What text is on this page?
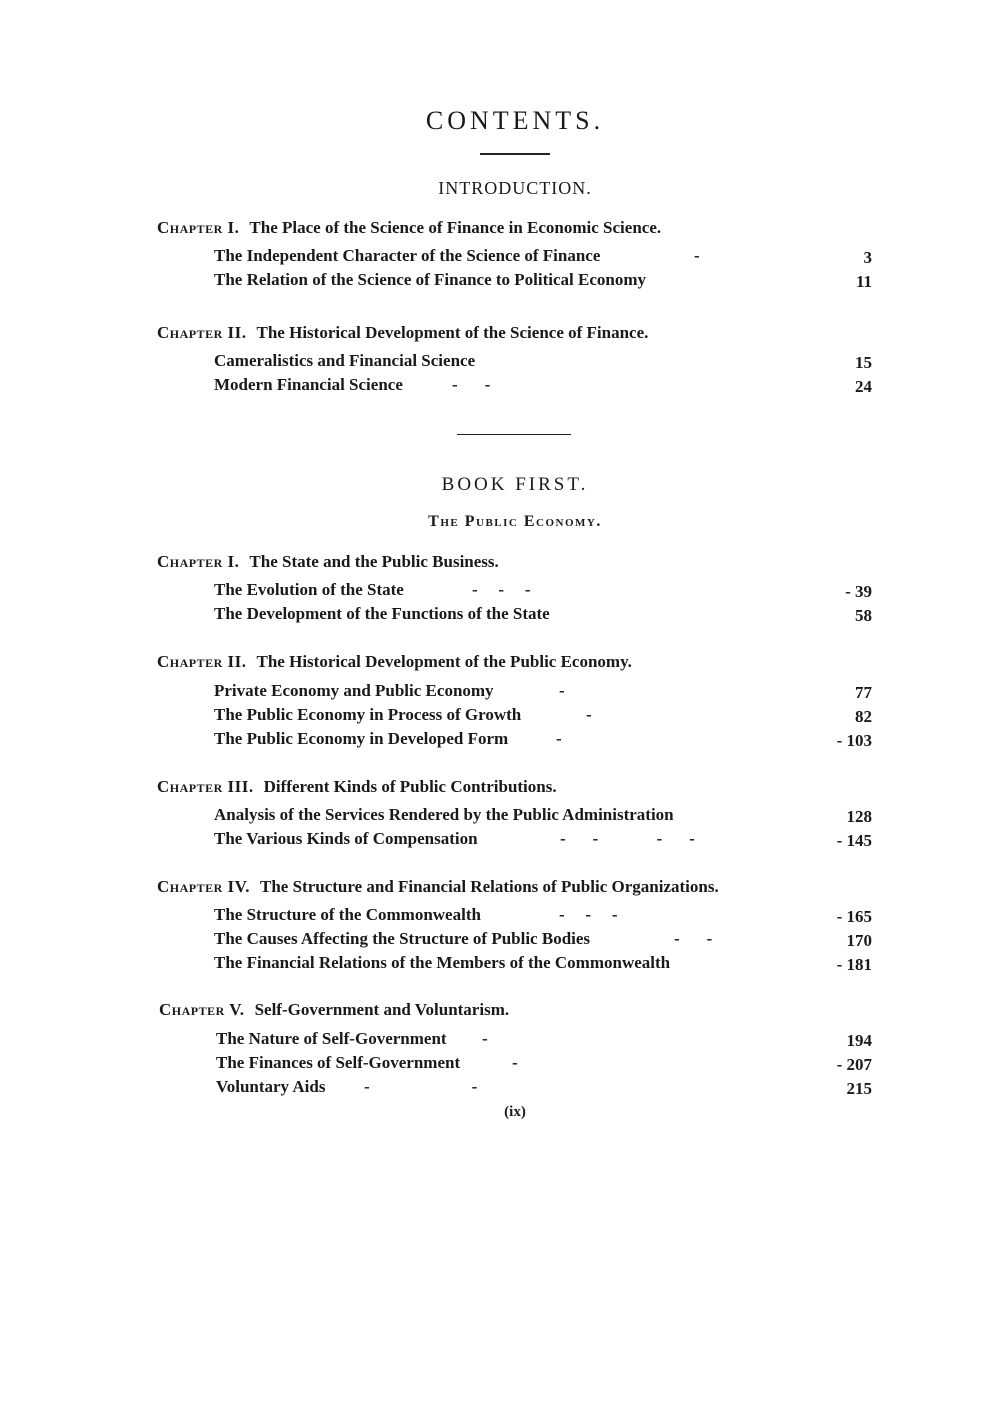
CONTENTS.
INTRODUCTION.
Chapter I. The Place of the Science of Finance in Economic Science.
The Independent Character of the Science of Finance	-	3
The Relation of the Science of Finance to Political Economy	11
Chapter II. The Historical Development of the Science of Finance.
Cameralistics and Financial Science	15
Modern Financial Science	-    -	24
BOOK FIRST.
The Public Economy.
Chapter I. The State and the Public Business.
The Evolution of the State	-   -   -	- 39
The Development of the Functions of the State	58
Chapter II. The Historical Development of the Public Economy.
Private Economy and Public Economy	-	77
The Public Economy in Process of Growth	-	82
The Public Economy in Developed Form	-	- 103
Chapter III. Different Kinds of Public Contributions.
Analysis of the Services Rendered by the Public Administration	128
The Various Kinds of Compensation	-    -         -    -	- 145
Chapter IV. The Structure and Financial Relations of Public Organizations.
The Structure of the Commonwealth	-   -   -	- 165
The Causes Affecting the Structure of Public Bodies	-    -	170
The Financial Relations of the Members of the Commonwealth	- 181
Chapter V. Self-Government and Voluntarism.
The Nature of Self-Government -	194
The Finances of Self-Government	-	- 207
Voluntary Aids -                -	215
(ix)
